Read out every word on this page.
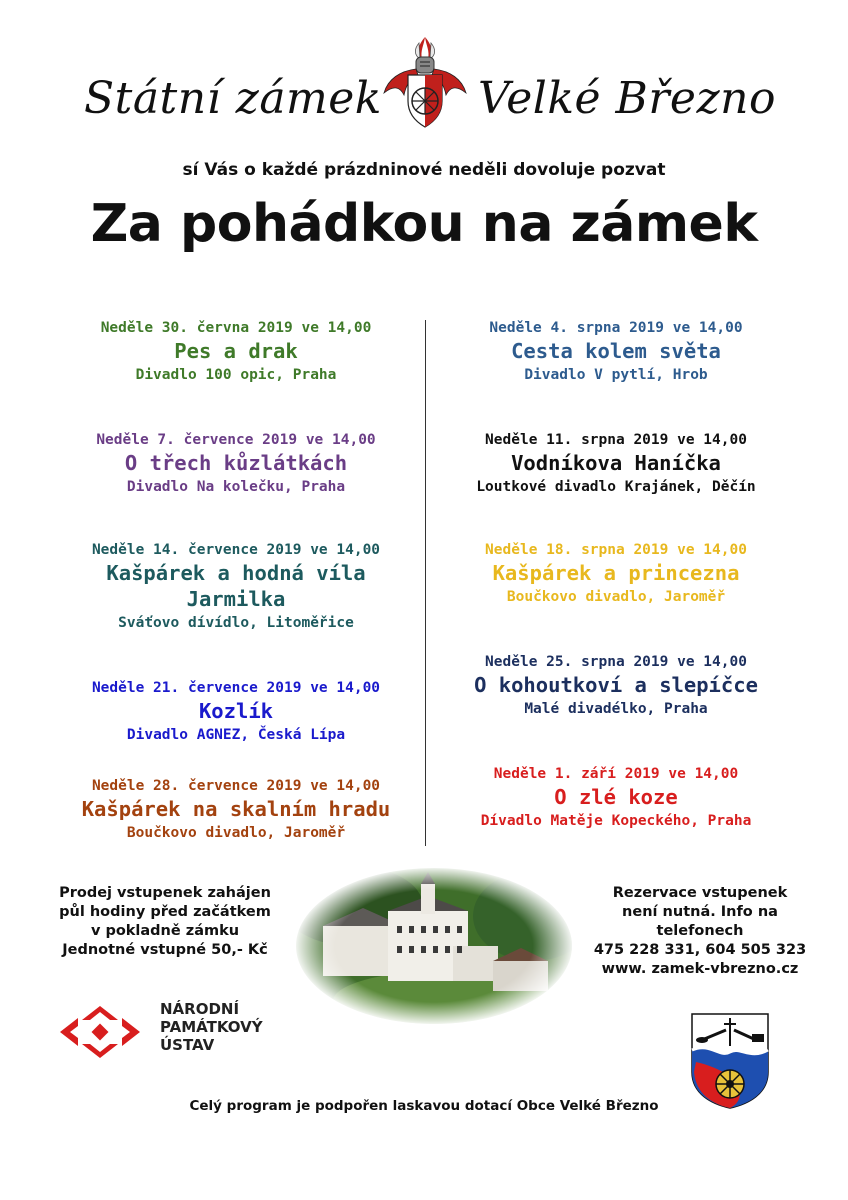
Státní zámek Velké Březno
sí Vás o každé prázdninové neděli dovoluje pozvat
Za pohádkou na zámek
Neděle 30. června 2019 ve 14,00
Pes a drak
Divadlo 100 opic, Praha
Neděle 7. července 2019 ve 14,00
O třech kůzlátkách
Divadlo Na kolečku, Praha
Neděle 14. července 2019 ve 14,00
Kašpárek a hodná víla
Jarmilka
Sváťovo dívídlo, Litoměřice
Neděle 21. července 2019 ve 14,00
Kozlík
Divadlo AGNEZ, Česká Lípa
Neděle 28. července 2019 ve 14,00
Kašpárek na skalním hradu
Boučkovo divadlo, Jaroměř
Neděle 4. srpna 2019 ve 14,00
Cesta kolem světa
Divadlo V pytlí, Hrob
Neděle 11. srpna 2019 ve 14,00
Vodníkova Haníčka
Loutkové divadlo Krajánek, Děčín
Neděle 18. srpna 2019 ve 14,00
Kašpárek a princezna
Boučkovo divadlo, Jaroměř
Neděle 25. srpna 2019 ve 14,00
O kohoutkoví a slepíčce
Malé divadélko, Praha
Neděle 1. září 2019 ve 14,00
O zlé koze
Dívadlo Matěje Kopeckého, Praha
Prodej vstupenek zahájen
půl hodiny před začátkem
v pokladně zámku
Jednotné vstupné 50,- Kč
Rezervace vstupenek
není nutná. Info na
telefonech
475 228 331, 604 505 323
www. zamek-vbrezno.cz
NÁRODNÍ
PAMÁTKOVÝ
ÚSTAV
Celý program je podpořen laskavou dotací Obce Velké Březno
